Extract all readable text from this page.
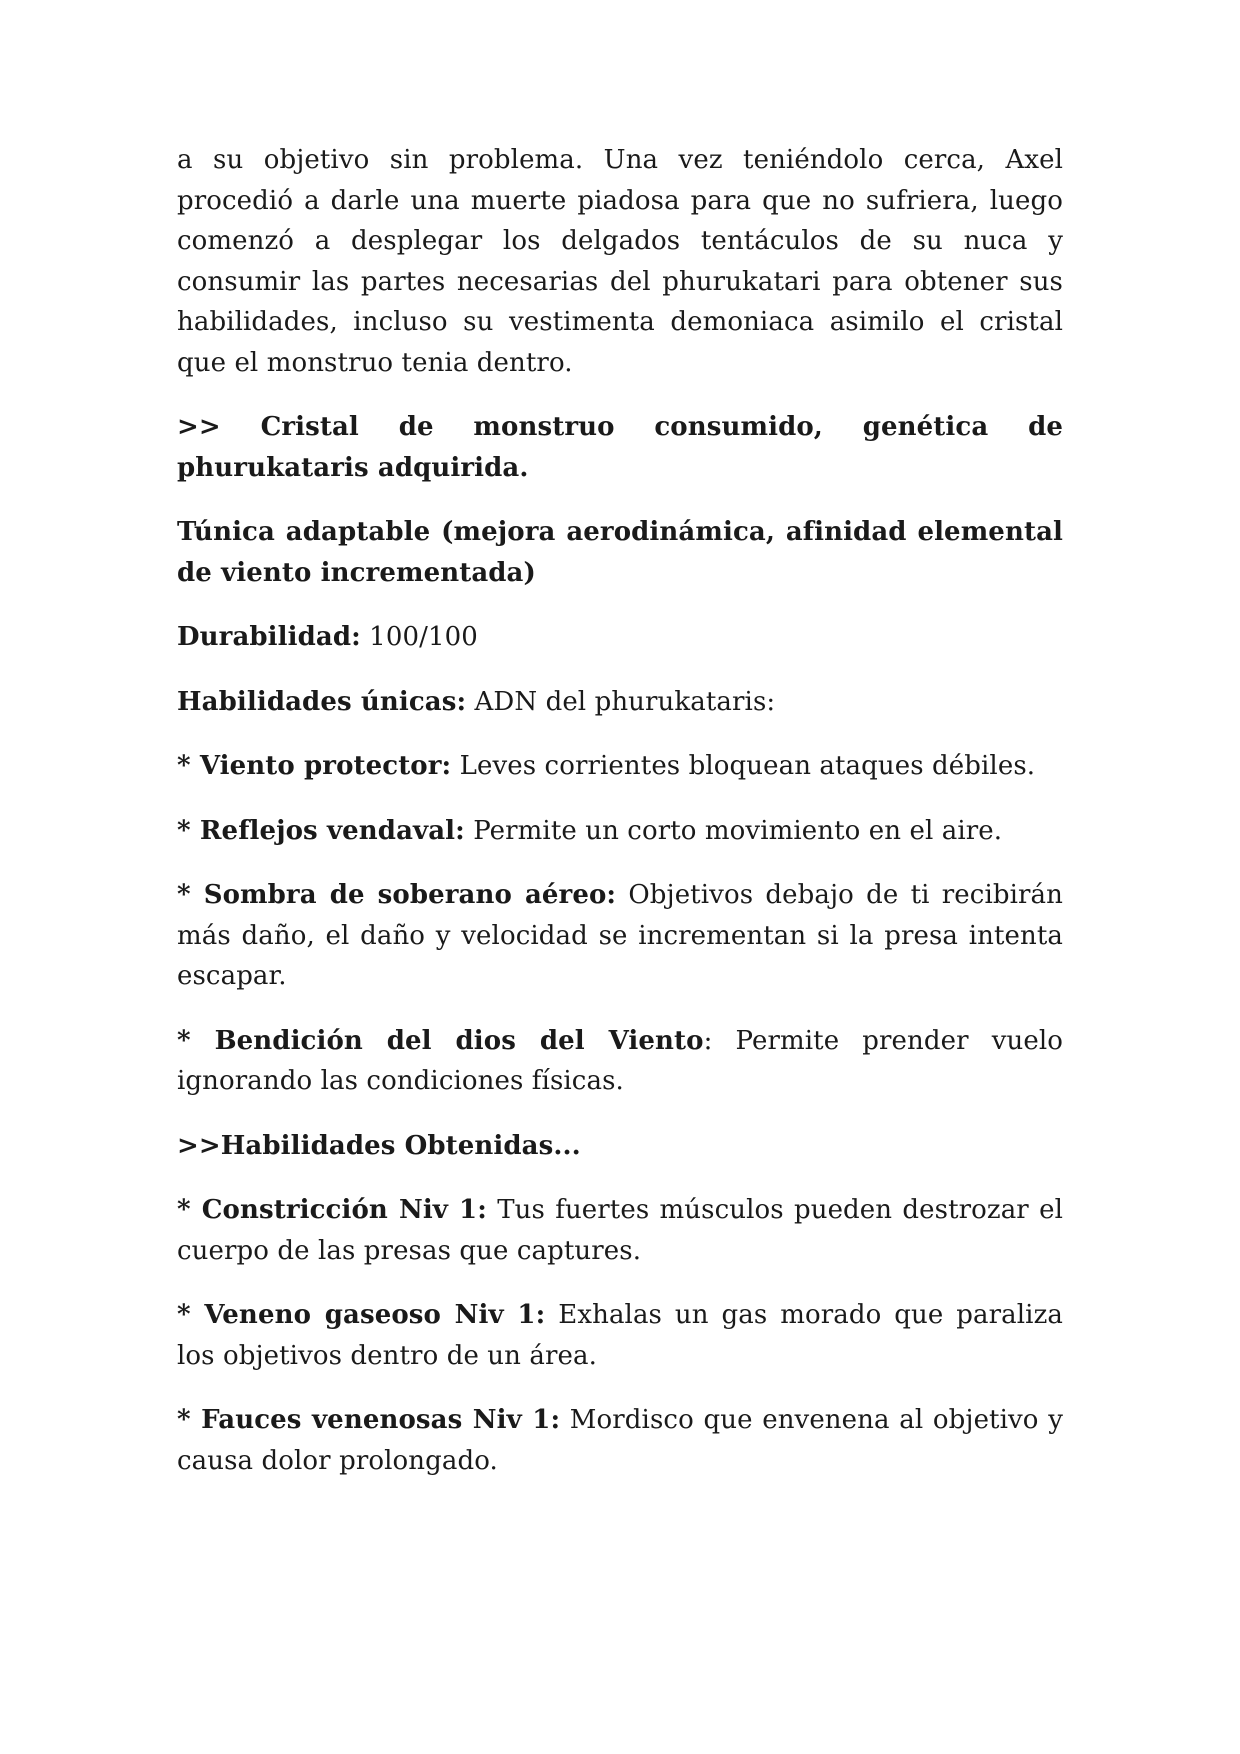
a su objetivo sin problema. Una vez teniéndolo cerca, Axel procedió a darle una muerte piadosa para que no sufriera, luego comenzó a desplegar los delgados tentáculos de su nuca y consumir las partes necesarias del phurukatari para obtener sus habilidades, incluso su vestimenta demoniaca asimilo el cristal que el monstruo tenia dentro.

>> Cristal de monstruo consumido, genética de phurukataris adquirida.

Túnica adaptable (mejora aerodinámica, afinidad elemental de viento incrementada)

Durabilidad: 100/100

Habilidades únicas: ADN del phurukataris:

* Viento protector: Leves corrientes bloquean ataques débiles.

* Reflejos vendaval: Permite un corto movimiento en el aire.

* Sombra de soberano aéreo: Objetivos debajo de ti recibirán más daño, el daño y velocidad se incrementan si la presa intenta escapar.

* Bendición del dios del Viento: Permite prender vuelo ignorando las condiciones físicas.

>>Habilidades Obtenidas...

* Constricción Niv 1: Tus fuertes músculos pueden destrozar el cuerpo de las presas que captures.

* Veneno gaseoso Niv 1: Exhalas un gas morado que paraliza los objetivos dentro de un área.

* Fauces venenosas Niv 1: Mordisco que envenena al objetivo y causa dolor prolongado.
